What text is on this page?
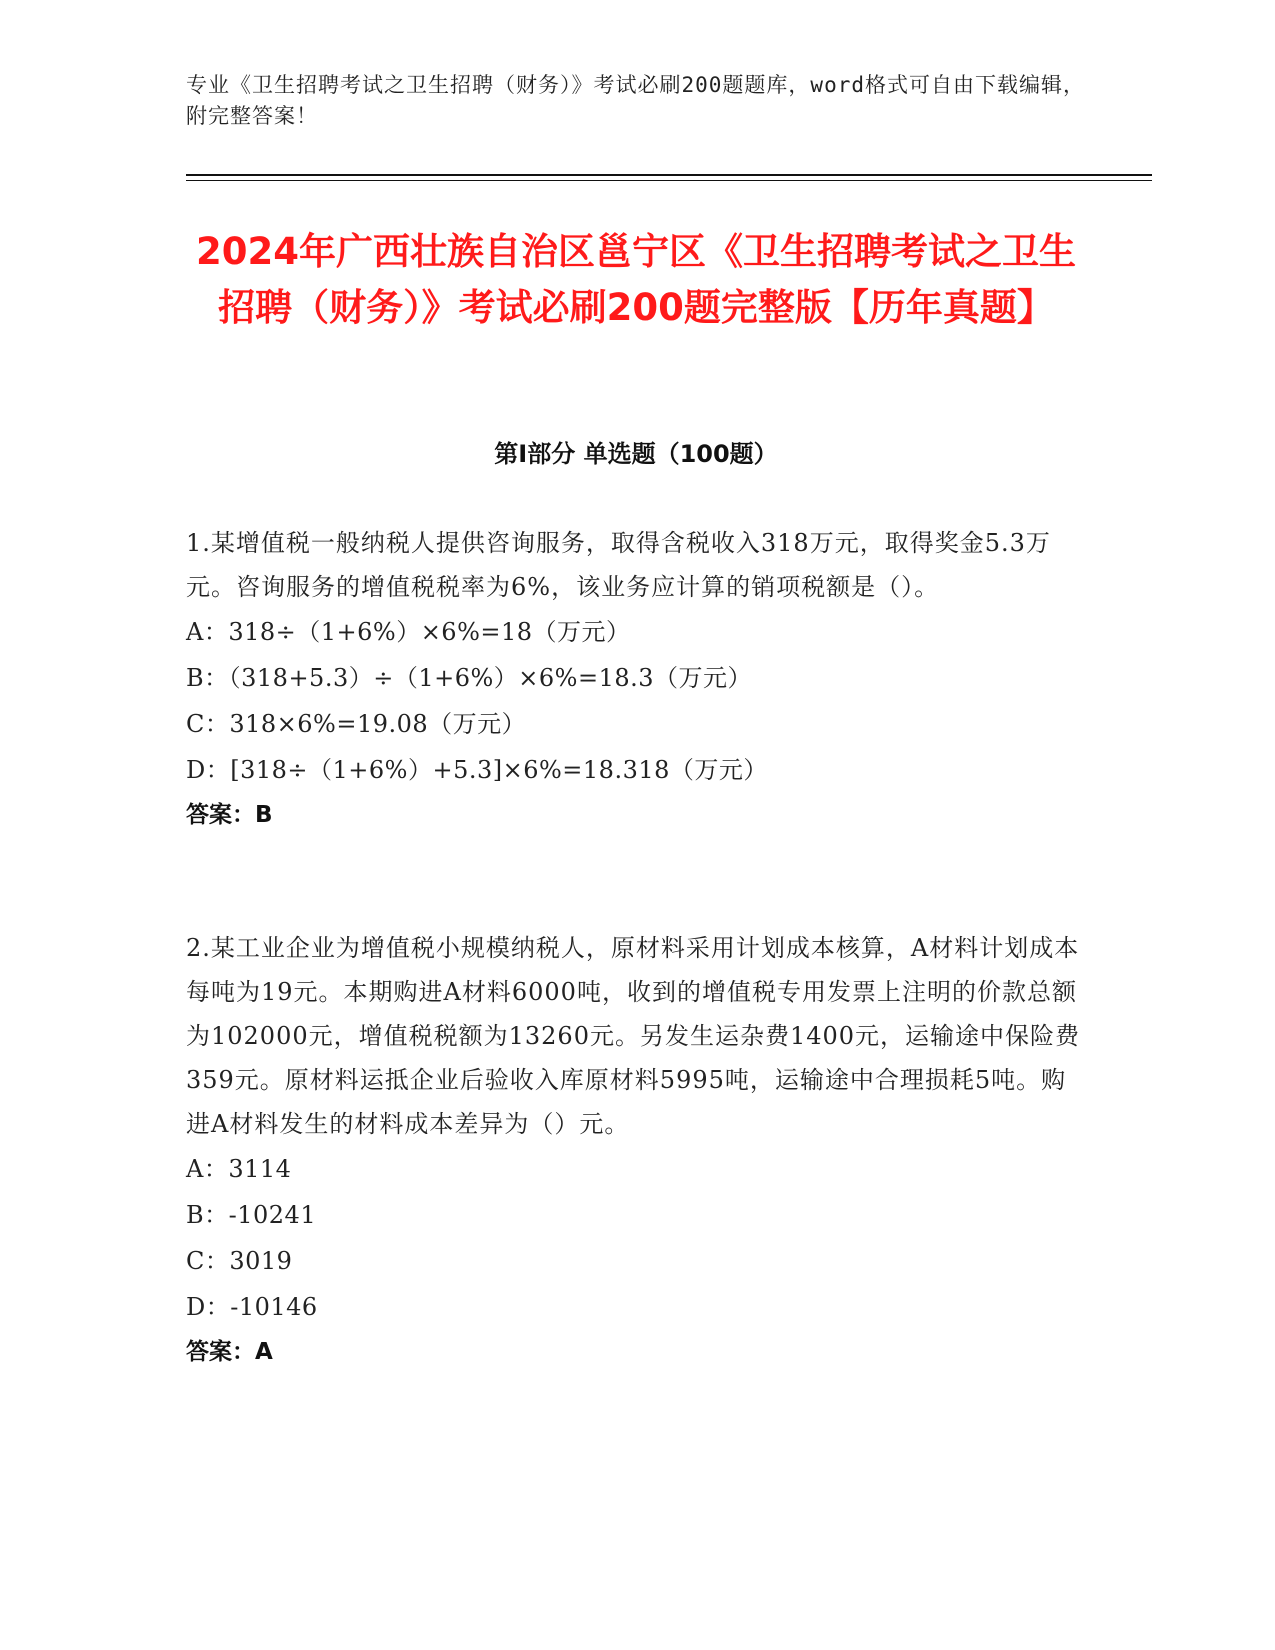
专业《卫生招聘考试之卫生招聘（财务）》考试必刷200题题库，word格式可自由下载编辑，附完整答案！
2024年广西壮族自治区邕宁区《卫生招聘考试之卫生招聘（财务）》考试必刷200题完整版【历年真题】
第Ⅰ部分 单选题（100题）
1.某增值税一般纳税人提供咨询服务，取得含税收入318万元，取得奖金5.3万元。咨询服务的增值税税率为6%，该业务应计算的销项税额是（）。
A：318÷（1+6%）×6%=18（万元）
B：（318+5.3）÷（1+6%）×6%=18.3（万元）
C：318×6%=19.08（万元）
D：[318÷（1+6%）+5.3]×6%=18.318（万元）
答案：B
2.某工业企业为增值税小规模纳税人，原材料采用计划成本核算，A材料计划成本每吨为19元。本期购进A材料6000吨，收到的增值税专用发票上注明的价款总额为102000元，增值税税额为13260元。另发生运杂费1400元，运输途中保险费359元。原材料运抵企业后验收入库原材料5995吨，运输途中合理损耗5吨。购进A材料发生的材料成本差异为（）元。
A：3114
B：-10241
C：3019
D：-10146
答案：A
